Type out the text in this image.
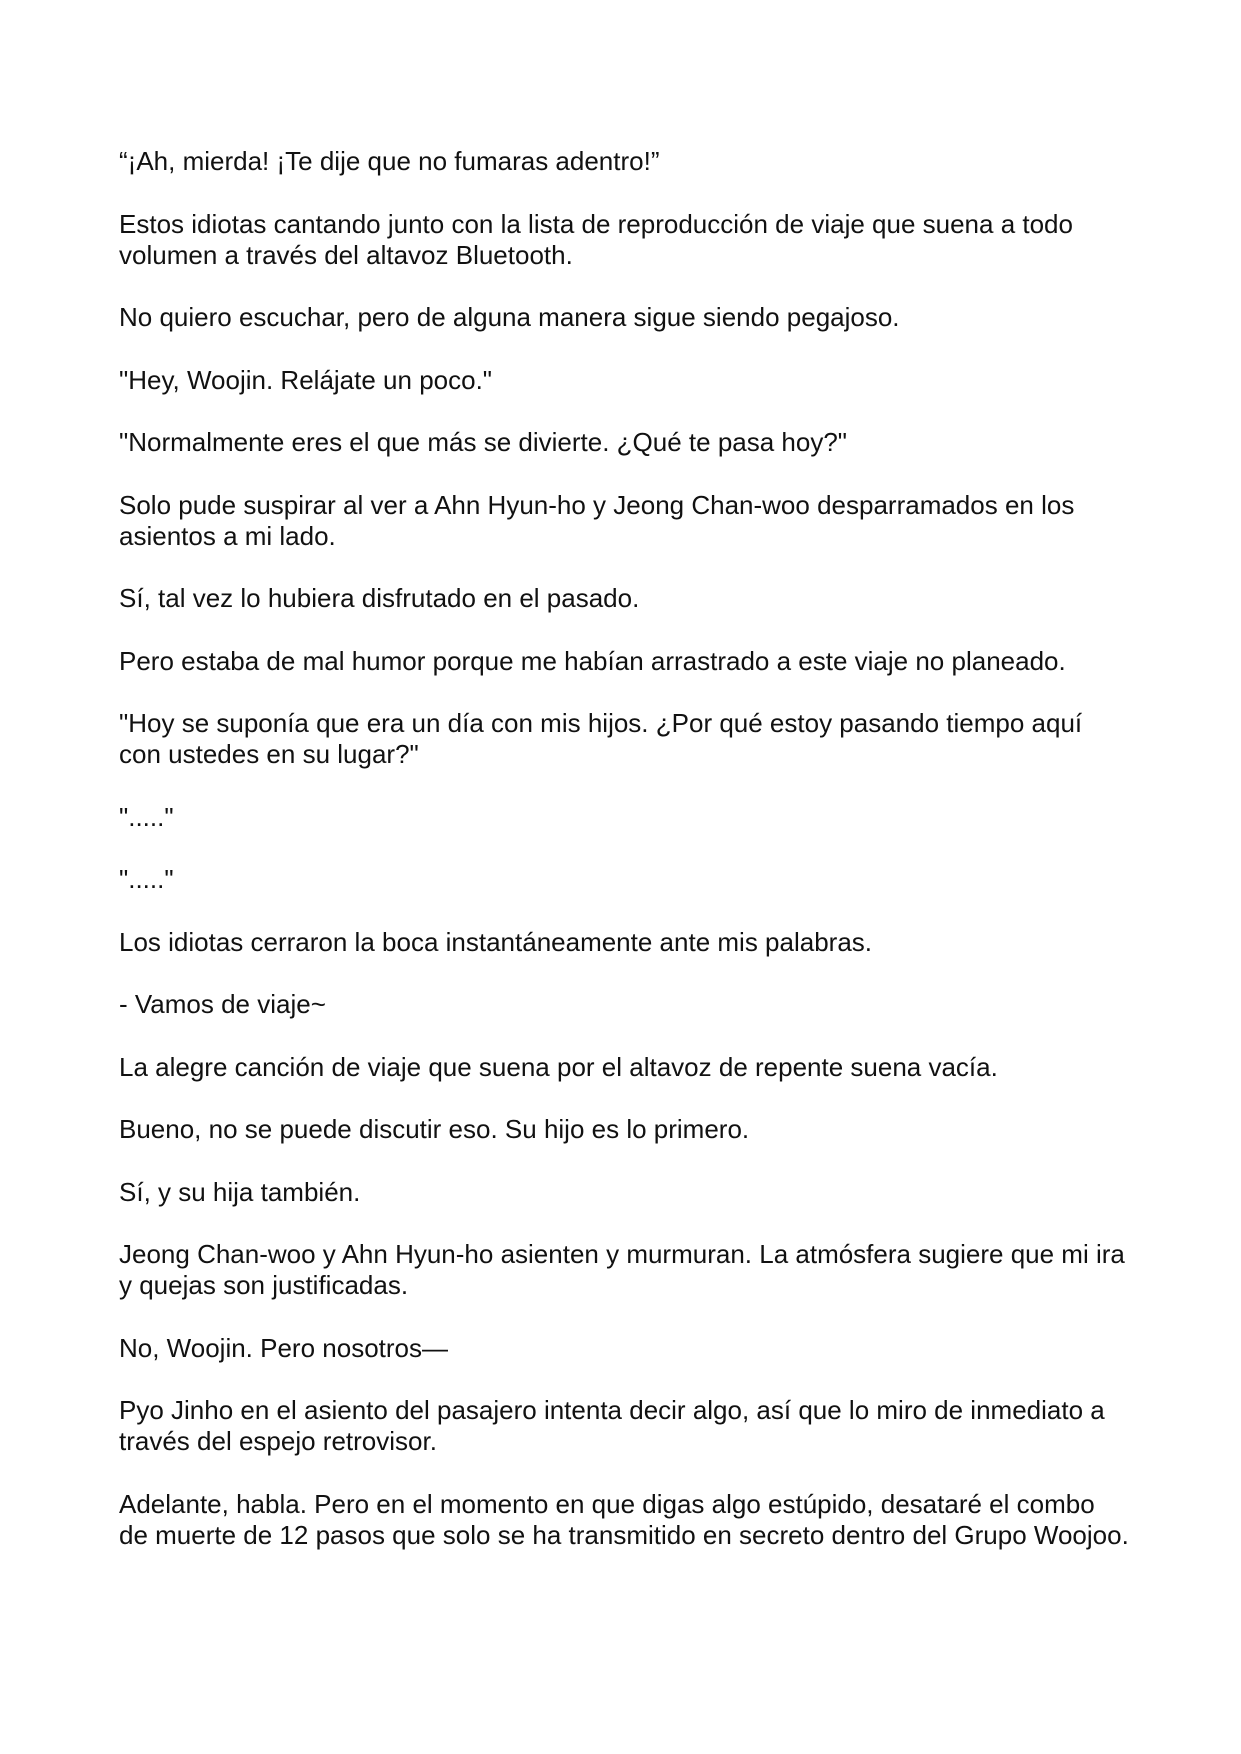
“¡Ah, mierda! ¡Te dije que no fumaras adentro!”

Estos idiotas cantando junto con la lista de reproducción de viaje que suena a todo volumen a través del altavoz Bluetooth.

No quiero escuchar, pero de alguna manera sigue siendo pegajoso.

"Hey, Woojin. Relájate un poco."

"Normalmente eres el que más se divierte. ¿Qué te pasa hoy?"

Solo pude suspirar al ver a Ahn Hyun-ho y Jeong Chan-woo desparramados en los asientos a mi lado.

Sí, tal vez lo hubiera disfrutado en el pasado.

Pero estaba de mal humor porque me habían arrastrado a este viaje no planeado.

"Hoy se suponía que era un día con mis hijos. ¿Por qué estoy pasando tiempo aquí con ustedes en su lugar?"

"....."

"....."

Los idiotas cerraron la boca instantáneamente ante mis palabras.

- Vamos de viaje~

La alegre canción de viaje que suena por el altavoz de repente suena vacía.

Bueno, no se puede discutir eso. Su hijo es lo primero.

Sí, y su hija también.

Jeong Chan-woo y Ahn Hyun-ho asienten y murmuran. La atmósfera sugiere que mi ira y quejas son justificadas.

No, Woojin. Pero nosotros—

Pyo Jinho en el asiento del pasajero intenta decir algo, así que lo miro de inmediato a través del espejo retrovisor.

Adelante, habla. Pero en el momento en que digas algo estúpido, desataré el combo de muerte de 12 pasos que solo se ha transmitido en secreto dentro del Grupo Woojoo.
